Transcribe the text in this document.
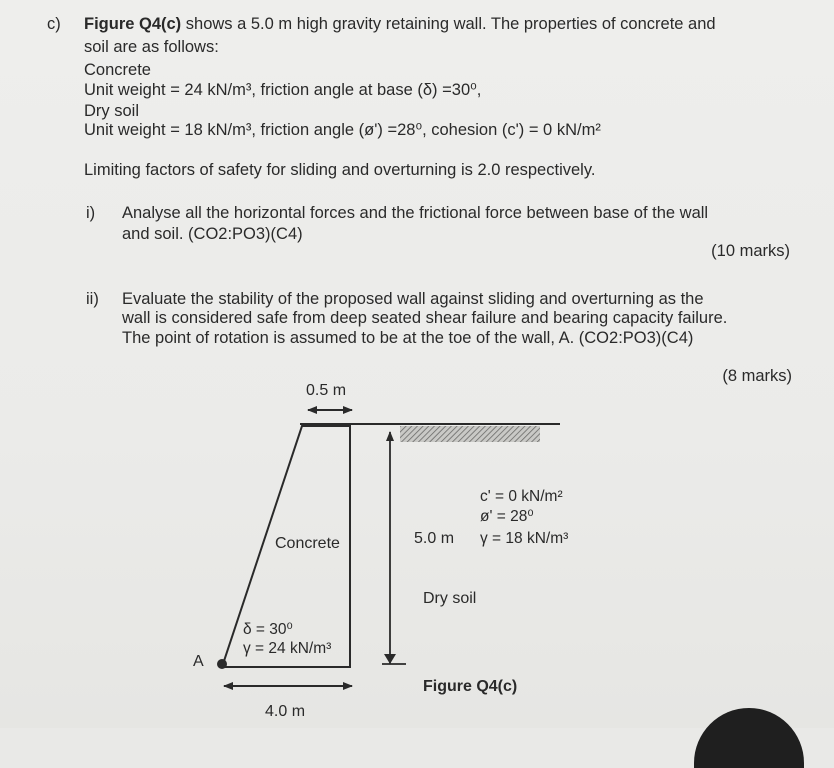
c) Figure Q4(c) shows a 5.0 m high gravity retaining wall. The properties of concrete and
soil are as follows:
Concrete
Unit weight = 24 kN/m³, friction angle at base (δ) =30⁰,
Dry soil
Unit weight = 18 kN/m³, friction angle (ø') =28⁰, cohesion (c') = 0 kN/m²
Limiting factors of safety for sliding and overturning is 2.0 respectively.
i) Analyse all the horizontal forces and the frictional force between base of the wall
and soil. (CO2:PO3)(C4)
(10 marks)
ii) Evaluate the stability of the proposed wall against sliding and overturning as the
wall is considered safe from deep seated shear failure and bearing capacity failure.
The point of rotation is assumed to be at the toe of the wall, A. (CO2:PO3)(C4)
(8 marks)
0.5 m
Concrete
δ = 30⁰
γ = 24 kN/m³
A
5.0 m
c' = 0 kN/m²
ø' = 28⁰
γ = 18 kN/m³
Dry soil
Figure Q4(c)
4.0 m
